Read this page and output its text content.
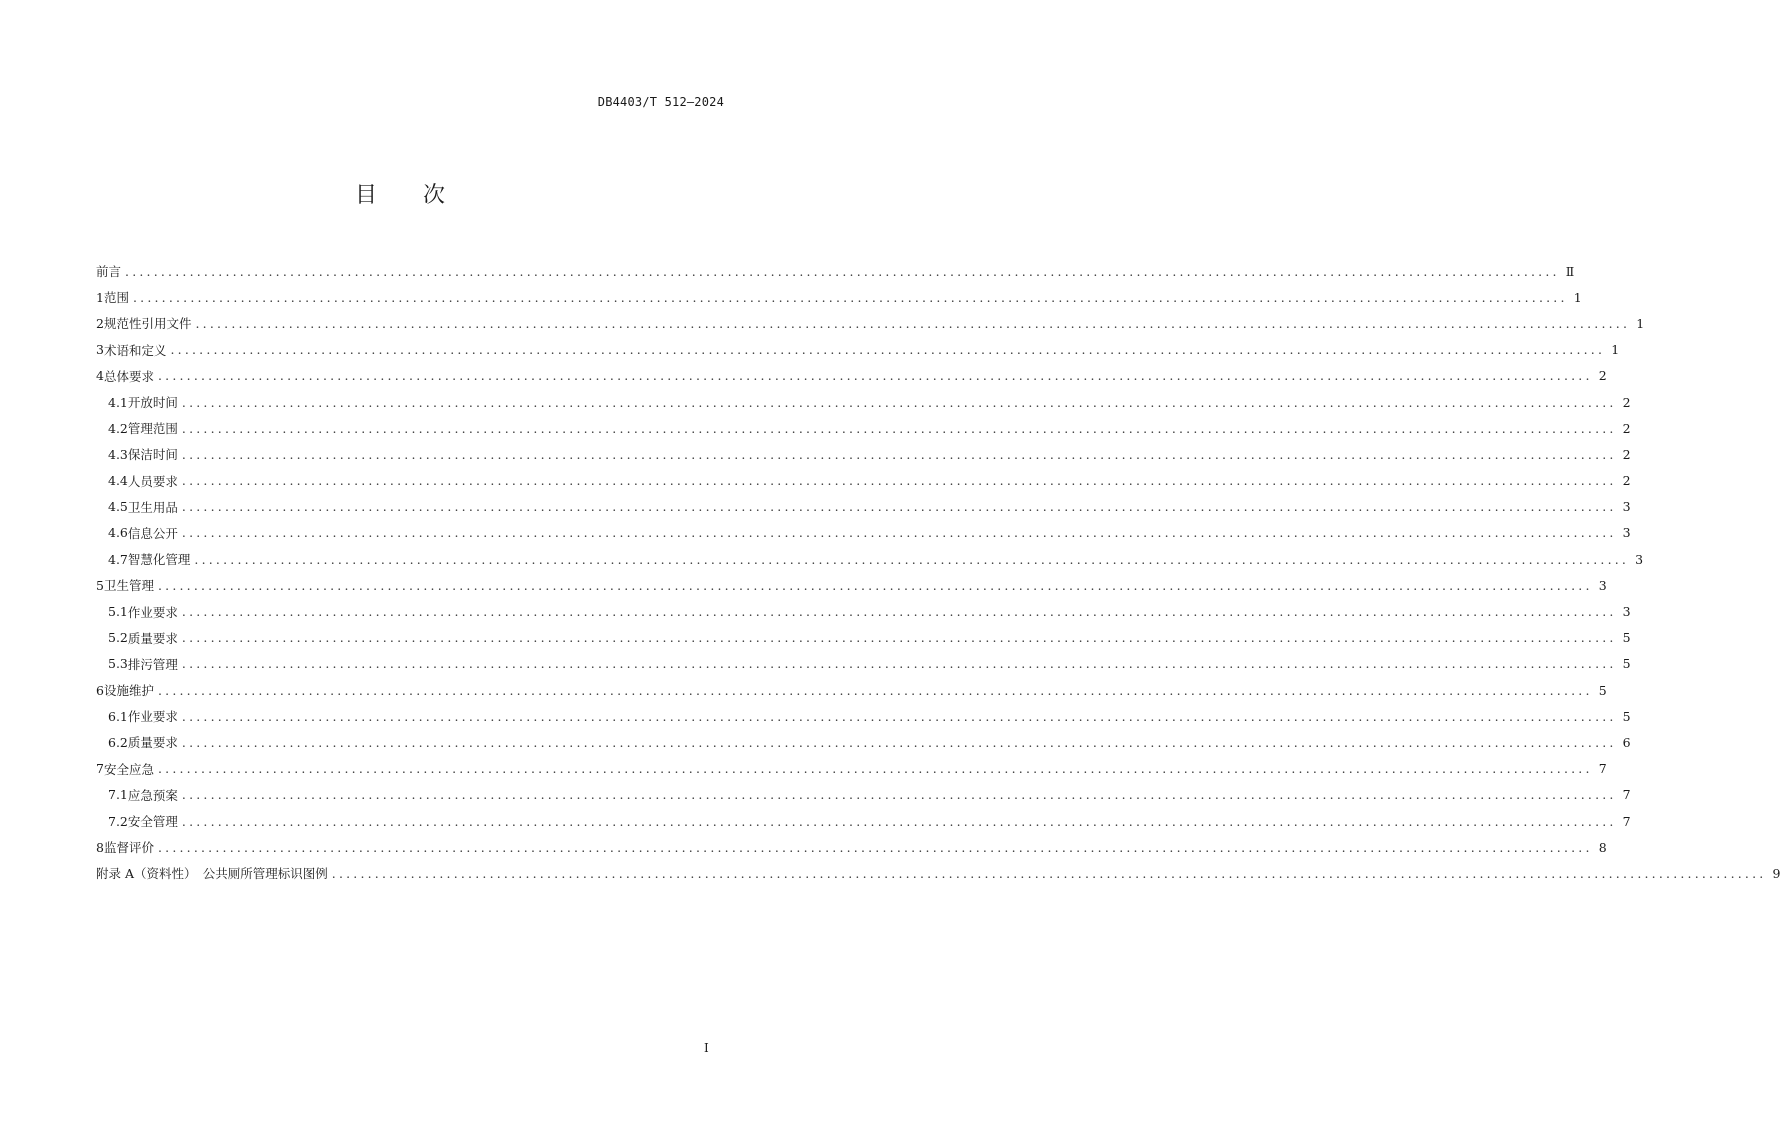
DB4403/T 512—2024
目 次
前言 ........................................................................................................................................................................................................ Ⅱ
1 范围 ........................................................................................................................................................................................................ 1
2 规范性引用文件 ........................................................................................................................................................................................................ 1
3 术语和定义 ........................................................................................................................................................................................................ 1
4 总体要求 ........................................................................................................................................................................................................ 2
4.1 开放时间 ........................................................................................................................................................................................................ 2
4.2 管理范围 ........................................................................................................................................................................................................ 2
4.3 保洁时间 ........................................................................................................................................................................................................ 2
4.4 人员要求 ........................................................................................................................................................................................................ 2
4.5 卫生用品 ........................................................................................................................................................................................................ 3
4.6 信息公开 ........................................................................................................................................................................................................ 3
4.7 智慧化管理 ........................................................................................................................................................................................................ 3
5 卫生管理 ........................................................................................................................................................................................................ 3
5.1 作业要求 ........................................................................................................................................................................................................ 3
5.2 质量要求 ........................................................................................................................................................................................................ 5
5.3 排污管理 ........................................................................................................................................................................................................ 5
6 设施维护 ........................................................................................................................................................................................................ 5
6.1 作业要求 ........................................................................................................................................................................................................ 5
6.2 质量要求 ........................................................................................................................................................................................................ 6
7 安全应急 ........................................................................................................................................................................................................ 7
7.1 应急预案 ........................................................................................................................................................................................................ 7
7.2 安全管理 ........................................................................................................................................................................................................ 7
8 监督评价 ........................................................................................................................................................................................................ 8
附录 A（资料性）　公共厕所管理标识图例 ........................................................................................................................................................................................................ 9
I
